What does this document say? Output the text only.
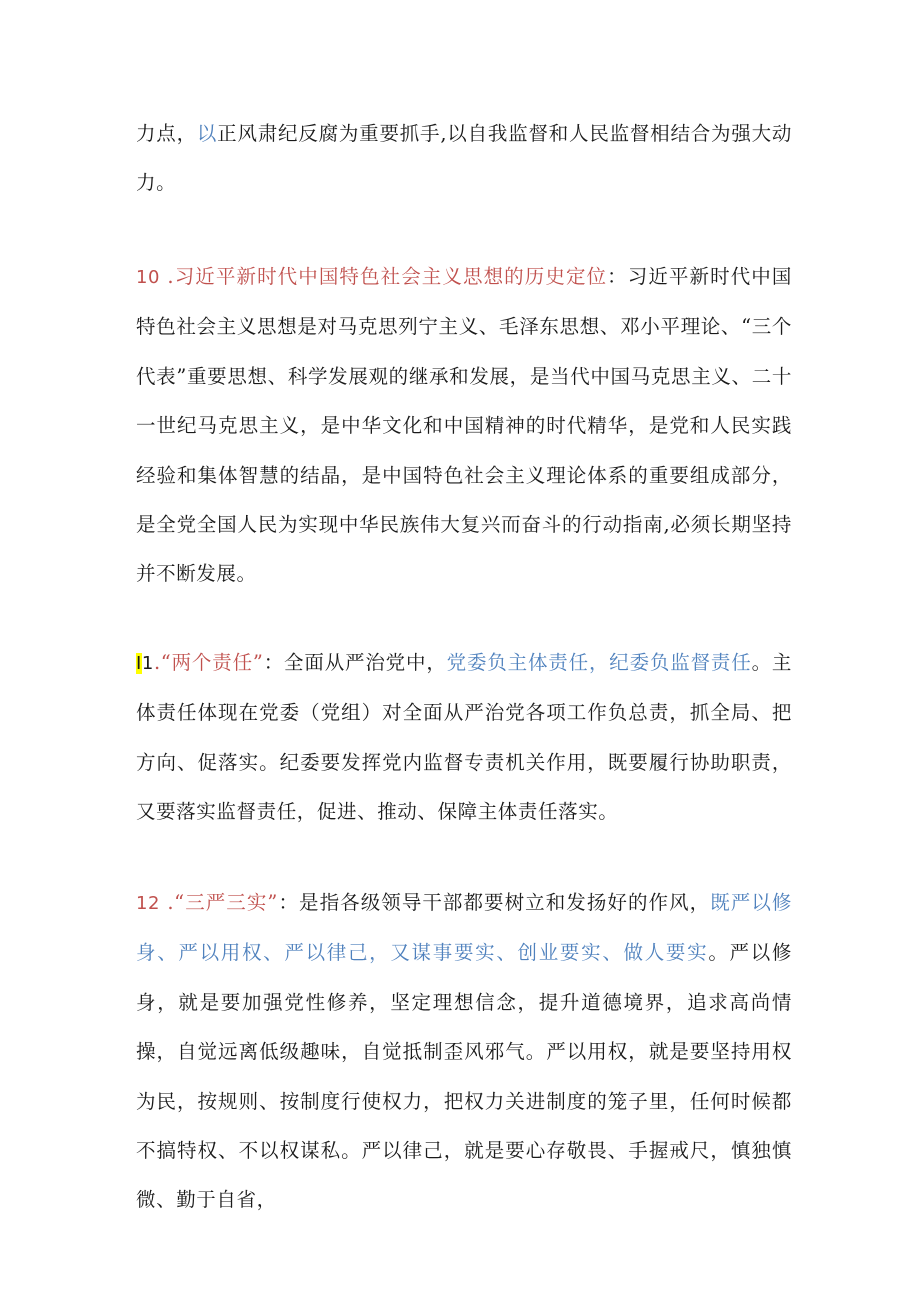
力点，以正风肃纪反腐为重要抓手,以自我监督和人民监督相结合为强大动力。

10 .习近平新时代中国特色社会主义思想的历史定位：习近平新时代中国特色社会主义思想是对马克思列宁主义、毛泽东思想、邓小平理论、“三个代表”重要思想、科学发展观的继承和发展，是当代中国马克思主义、二十一世纪马克思主义，是中华文化和中国精神的时代精华，是党和人民实践经验和集体智慧的结晶，是中国特色社会主义理论体系的重要组成部分，是全党全国人民为实现中华民族伟大复兴而奋斗的行动指南,必须长期坚持并不断发展。

I1.“两个责任”：全面从严治党中，党委负主体责任，纪委负监督责任。主体责任体现在党委（党组）对全面从严治党各项工作负总责，抓全局、把方向、促落实。纪委要发挥党内监督专责机关作用，既要履行协助职责，又要落实监督责任，促进、推动、保障主体责任落实。

12 .“三严三实”：是指各级领导干部都要树立和发扬好的作风，既严以修身、严以用权、严以律己，又谋事要实、创业要实、做人要实。严以修身，就是要加强党性修养，坚定理想信念，提升道德境界，追求高尚情操，自觉远离低级趣味，自觉抵制歪风邪气。严以用权，就是要坚持用权为民，按规则、按制度行使权力，把权力关进制度的笼子里，任何时候都不搞特权、不以权谋私。严以律己，就是要心存敬畏、手握戒尺，慎独慎微、勤于自省，
